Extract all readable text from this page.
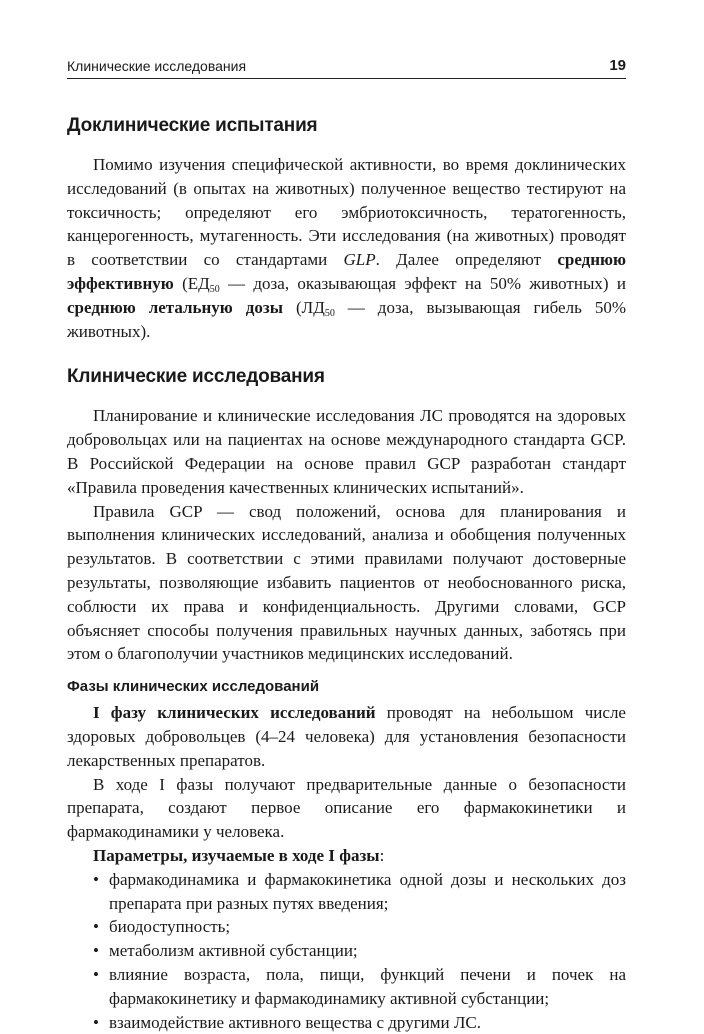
Клинические исследования	19
Доклинические испытания

Помимо изучения специфической активности, во время доклинических исследований (в опытах на животных) полученное вещество тестируют на токсичность; определяют его эмбриотоксичность, тератогенность, канцерогенность, мутагенность. Эти исследования (на животных) проводят в соответствии со стандартами GLP. Далее определяют среднюю эффективную ($ЕД_{50}$ — доза, оказывающая эффект на 50% животных) и среднюю летальную дозы ($ЛД_{50}$ — доза, вызывающая гибель 50% животных).

Клинические исследования

Планирование и клинические исследования ЛС проводятся на здоровых добровольцах или на пациентах на основе международного стандарта GCP. В Российской Федерации на основе правил GCP разработан стандарт «Правила проведения качественных клинических испытаний».

Правила GCP — свод положений, основа для планирования и выполнения клинических исследований, анализа и обобщения полученных результатов. В соответствии с этими правилами получают достоверные результаты, позволяющие избавить пациентов от необоснованного риска, соблюсти их права и конфиденциальность. Другими словами, GCP объясняет способы получения правильных научных данных, заботясь при этом о благополучии участников медицинских исследований.

Фазы клинических исследований

I фазу клинических исследований проводят на небольшом числе здоровых добровольцев (4–24 человека) для установления безопасности лекарственных препаратов.

В ходе I фазы получают предварительные данные о безопасности препарата, создают первое описание его фармакокинетики и фармакодинамики у человека.

Параметры, изучаемые в ходе I фазы:
• фармакодинамика и фармакокинетика одной дозы и нескольких доз препарата при разных путях введения;
• биодоступность;
• метаболизм активной субстанции;
• влияние возраста, пола, пищи, функций печени и почек на фармакокинетику и фармакодинамику активной субстанции;
• взаимодействие активного вещества с другими ЛС.
